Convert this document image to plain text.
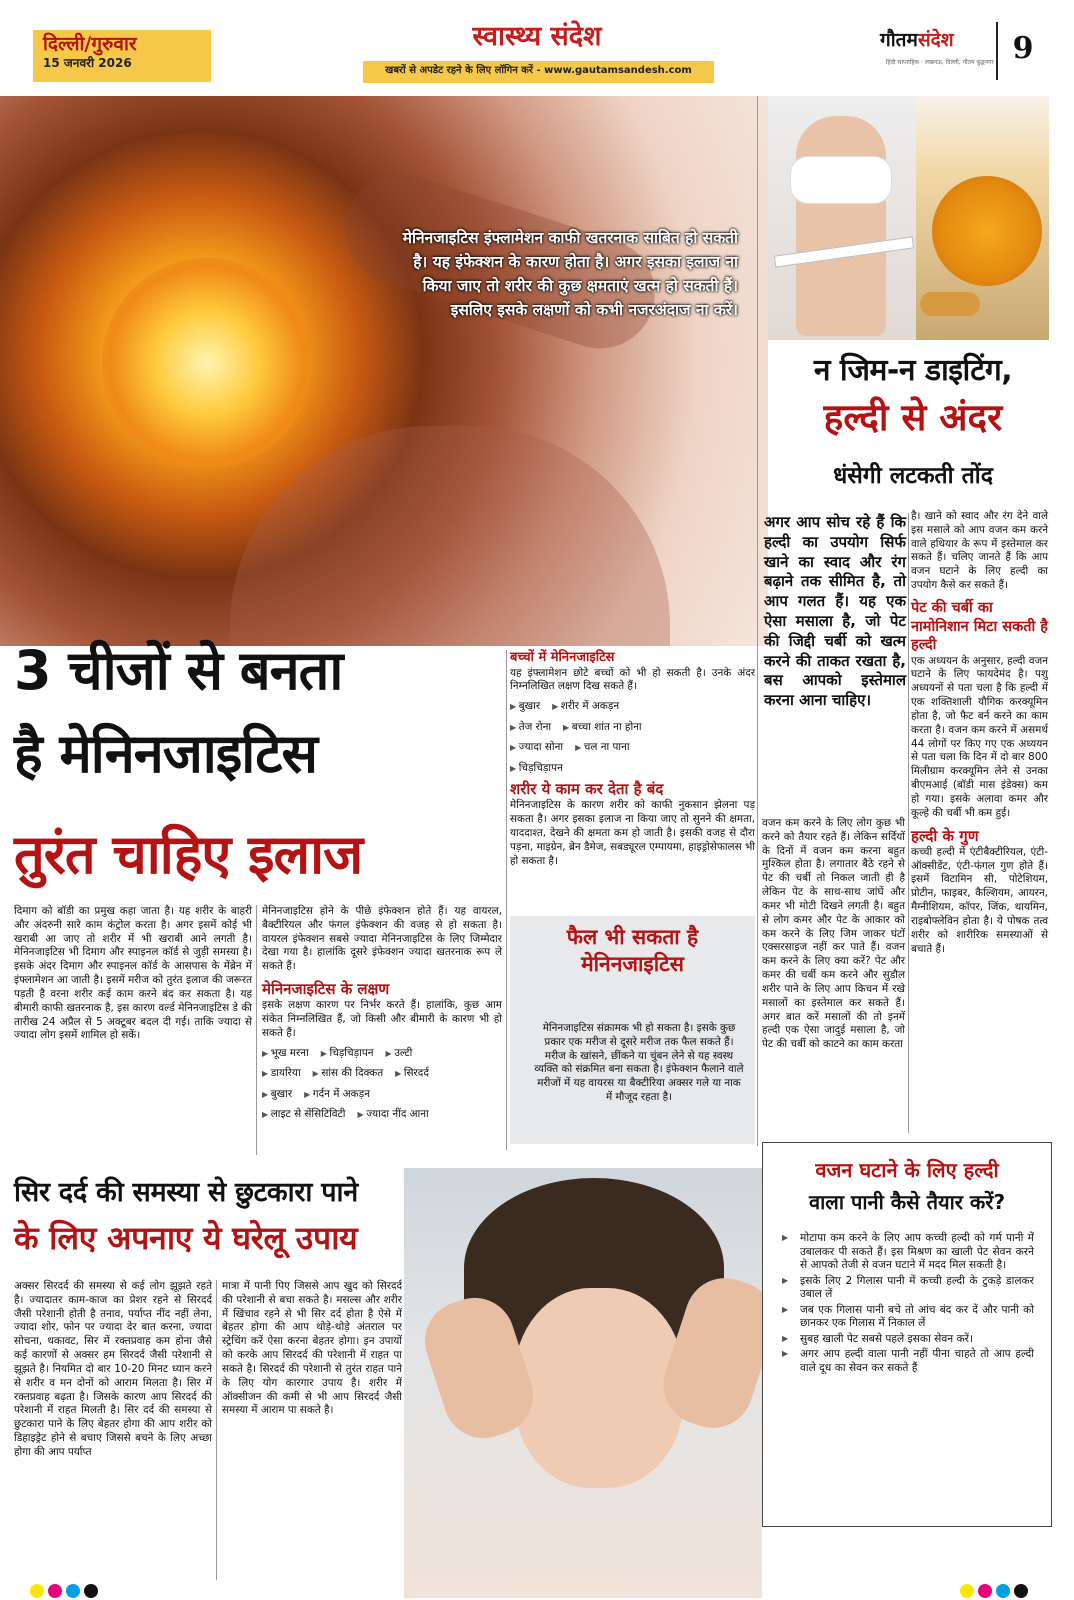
दिल्ली/गुरुवार
15 जनवरी 2026
स्वास्थ्य संदेश
खबरों से अपडेट रहने के लिए लॉगिन करें - www.gautamsandesh.com
गौतमसंदेश
हिंदी साप्ताहिक · लखनऊ, दिल्ली, गौतम बुद्धनगर 9
मेनिनजाइटिस इंफ्लामेशन काफी खतरनाक साबित हो सकती है। यह इंफेक्शन के कारण होता है। अगर इसका इलाज ना किया जाए तो शरीर की कुछ क्षमताएं खत्म हो सकती हैं। इसलिए इसके लक्षणों को कभी नजरअंदाज ना करें।
3 चीजों से बनता
है मेनिनजाइटिस
तुरंत चाहिए इलाज
बच्चों में मेनिनजाइटिस
यह इंफ्लामेशन छोटे बच्चों को भी हो सकती है। उनके अंदर निम्नलिखित लक्षण दिख सकते हैं।
▶ बुखार ▶ शरीर में अकड़न
▶ तेज रोना ▶ बच्चा शांत ना होना
▶ ज्यादा सोना ▶ चल ना पाना
▶ चिड़चिड़ापन
शरीर ये काम कर देता है बंद
मेनिनजाइटिस के कारण शरीर को काफी नुकसान झेलना पड़ सकता है। अगर इसका इलाज ना किया जाए तो सुनने की क्षमता, याददाश्त, देखने की क्षमता कम हो जाती है। इसकी वजह से दौरा पड़ना, माइग्रेन, ब्रेन डैमेज, सबड्यूरल एम्पायमा, हाइड्रोसेफालस भी हो सकता है।
दिमाग को बॉडी का प्रमुख कहा जाता है। यह शरीर के बाहरी और अंदरुनी सारे काम कंट्रोल करता है। अगर इसमें कोई भी खराबी आ जाए तो शरीर में भी खराबी आने लगती है। मेनिनजाइटिस भी दिमाग और स्पाइनल कॉर्ड से जुड़ी समस्या है। इसके अंदर दिमाग और स्पाइनल कॉर्ड के आसपास के मेंब्रेन में इंफ्लामेशन आ जाती है। इसमें मरीज को तुरंत इलाज की जरूरत पड़ती है वरना शरीर कई काम करने बंद कर सकता है। यह बीमारी काफी खतरनाक है, इस कारण वर्ल्ड मेनिनजाइटिस डे की तारीख 24 अप्रैल से 5 अक्टूबर बदल दी गई। ताकि ज्यादा से ज्यादा लोग इसमें शामिल हो सकें।
मेनिनजाइटिस होने के पीछे इंफेक्शन होते हैं। यह वायरल, बैक्टीरियल और फंगल इंफेक्शन की वजह से हो सकता है। वायरल इंफेक्शन सबसे ज्यादा मेनिनजाइटिस के लिए जिम्मेदार देखा गया है। हालांकि दूसरे इंफेक्शन ज्यादा खतरनाक रूप ले सकते हैं।
मेनिनजाइटिस के लक्षण
इसके लक्षण कारण पर निर्भर करते हैं। हालांकि, कुछ आम संकेत निम्नलिखित हैं, जो किसी और बीमारी के कारण भी हो सकते हैं।
▶ भूख मरना ▶ चिड़चिड़ापन ▶ उल्टी
▶ डायरिया ▶ सांस की दिक्कत ▶ सिरदर्द
▶ बुखार ▶ गर्दन में अकड़न
▶ लाइट से सेंसिटिविटी ▶ ज्यादा नींद आना
फैल भी सकता है
मेनिनजाइटिस
मेनिनजाइटिस संक्रामक भी हो सकता है। इसके कुछ प्रकार एक मरीज से दूसरे मरीज तक फैल सकते हैं। मरीज के खांसने, छींकने या चुंबन लेने से यह स्वस्थ व्यक्ति को संक्रमित बना सकता है। इंफेक्शन फैलाने वाले मरीजों में यह वायरस या बैक्टीरिया अक्सर गले या नाक में मौजूद रहता है।
न जिम-न डाइटिंग,
हल्दी से अंदर
धंसेगी लटकती तोंद
अगर आप सोच रहे हैं कि हल्दी का उपयोग सिर्फ खाने का स्वाद और रंग बढ़ाने तक सीमित है, तो आप गलत हैं। यह एक ऐसा मसाला है, जो पेट की जिद्दी चर्बी को खत्म करने की ताकत रखता है, बस आपको इस्तेमाल करना आना चाहिए।
वजन कम करने के लिए लोग कुछ भी करने को तैयार रहते हैं। लेकिन सर्दियों के दिनों में वजन कम करना बहुत मुश्किल होता है। लगातार बैठे रहने से पेट की चर्बी तो निकल जाती ही है लेकिन पेट के साथ-साथ जांघें और कमर भी मोटी दिखने लगती है। बहुत से लोग कमर और पेट के आकार को कम करने के लिए जिम जाकर घंटों एक्सरसाइज नहीं कर पाते हैं। वजन कम करने के लिए क्या करें? पेट और कमर की चर्बी कम करने और सुडौल शरीर पाने के लिए आप किचन में रखे मसालों का इस्तेमाल कर सकते हैं। अगर बात करें मसालों की तो इनमें हल्दी एक ऐसा जादुई मसाला है, जो पेट की चर्बी को काटने का काम करता
है। खाने को स्वाद और रंग देने वाले इस मसाले को आप वजन कम करने वाले हथियार के रूप में इस्तेमाल कर सकते हैं। चलिए जानते हैं कि आप वजन घटाने के लिए हल्दी का उपयोग कैसे कर सकते हैं।
पेट की चर्बी का नामोनिशान मिटा सकती है हल्दी
एक अध्ययन के अनुसार, हल्दी वजन घटाने के लिए फायदेमंद है। पशु अध्ययनों से पता चला है कि हल्दी में एक शक्तिशाली यौगिक करक्यूमिन होता है, जो फैट बर्न करने का काम करता है। वजन कम करने में असमर्थ 44 लोगों पर किए गए एक अध्ययन से पता चला कि दिन में दो बार 800 मिलीग्राम करक्यूमिन लेने से उनका बीएमआई (बॉडी मास इंडेक्स) कम हो गया। इसके अलावा कमर और कूल्हे की चर्बी भी कम हुई।
हल्दी के गुण
कच्ची हल्दी में एंटीबैक्टीरियल, एंटी-ऑक्सीडेंट, एंटी-फंगल गुण होते हैं। इसमें विटामिन सी, पोटेशियम, प्रोटीन, फाइबर, कैल्शियम, आयरन, मैग्नीशियम, कॉपर, जिंक, थायमिन, राइबोफ्लेविन होता है। ये पोषक तत्व शरीर को शारीरिक समस्याओं से बचाते हैं।
वजन घटाने के लिए हल्दी
वाला पानी कैसे तैयार करें?
▶ मोटापा कम करने के लिए आप कच्ची हल्दी को गर्म पानी में उबालकर पी सकते हैं। इस मिश्रण का खाली पेट सेवन करने से आपको तेजी से वजन घटाने में मदद मिल सकती है।
▶ इसके लिए 2 गिलास पानी में कच्ची हल्दी के टुकड़े डालकर उबाल लें
▶ जब एक गिलास पानी बचे तो आंच बंद कर दें और पानी को छानकर एक गिलास में निकाल लें
▶ सुबह खाली पेट सबसे पहले इसका सेवन करें।
▶ अगर आप हल्दी वाला पानी नहीं पीना चाहते तो आप हल्दी वाले दूध का सेवन कर सकते हैं
सिर दर्द की समस्या से छुटकारा पाने
के लिए अपनाए ये घरेलू उपाय
अक्सर सिरदर्द की समस्या से कई लोग झूझते रहते है। ज्यादातर काम-काज का प्रेशर रहने से सिरदर्द जैसी परेशानी होती है तनाव, पर्याप्त नींद नहीं लेना, ज्यादा शोर, फोन पर ज्यादा देर बात करना, ज्यादा सोचना, थकावट, सिर में रक्तप्रवाह कम होना जैसे कई कारणों से अक्सर हम सिरदर्द जैसी परेशानी से झूझते है। नियमित दो बार 10-20 मिनट ध्यान करने से शरीर व मन दोनों को आराम मिलता है। सिर में रक्तप्रवाह बढ़ता है। जिसके कारण आप सिरदर्द की परेशानी में राहत मिलती है। सिर दर्द की समस्या से छुटकारा पाने के लिए बेहतर होगा की आप शरीर को डिहाइड्रेट होने से बचाए जिससे बचने के लिए अच्छा होगा की आप पर्याप्त
मात्रा में पानी पिए जिससे आप खुद को सिरदर्द की परेशानी से बचा सकते है। मसल्स और शरीर में खिंचाव रहने से भी सिर दर्द होता है ऐसे में बेहतर होगा की आप थोड़े-थोड़े अंतराल पर स्ट्रेचिंग करें ऐसा करना बेहतर होगा। इन उपायों को करके आप सिरदर्द की परेशानी में राहत पा सकते है। सिरदर्द की परेशानी से तुरंत राहत पाने के लिए योग कारगार उपाय है। शरीर में ऑक्सीजन की कमी से भी आप सिरदर्द जैसी समस्या में आराम पा सकते है।
